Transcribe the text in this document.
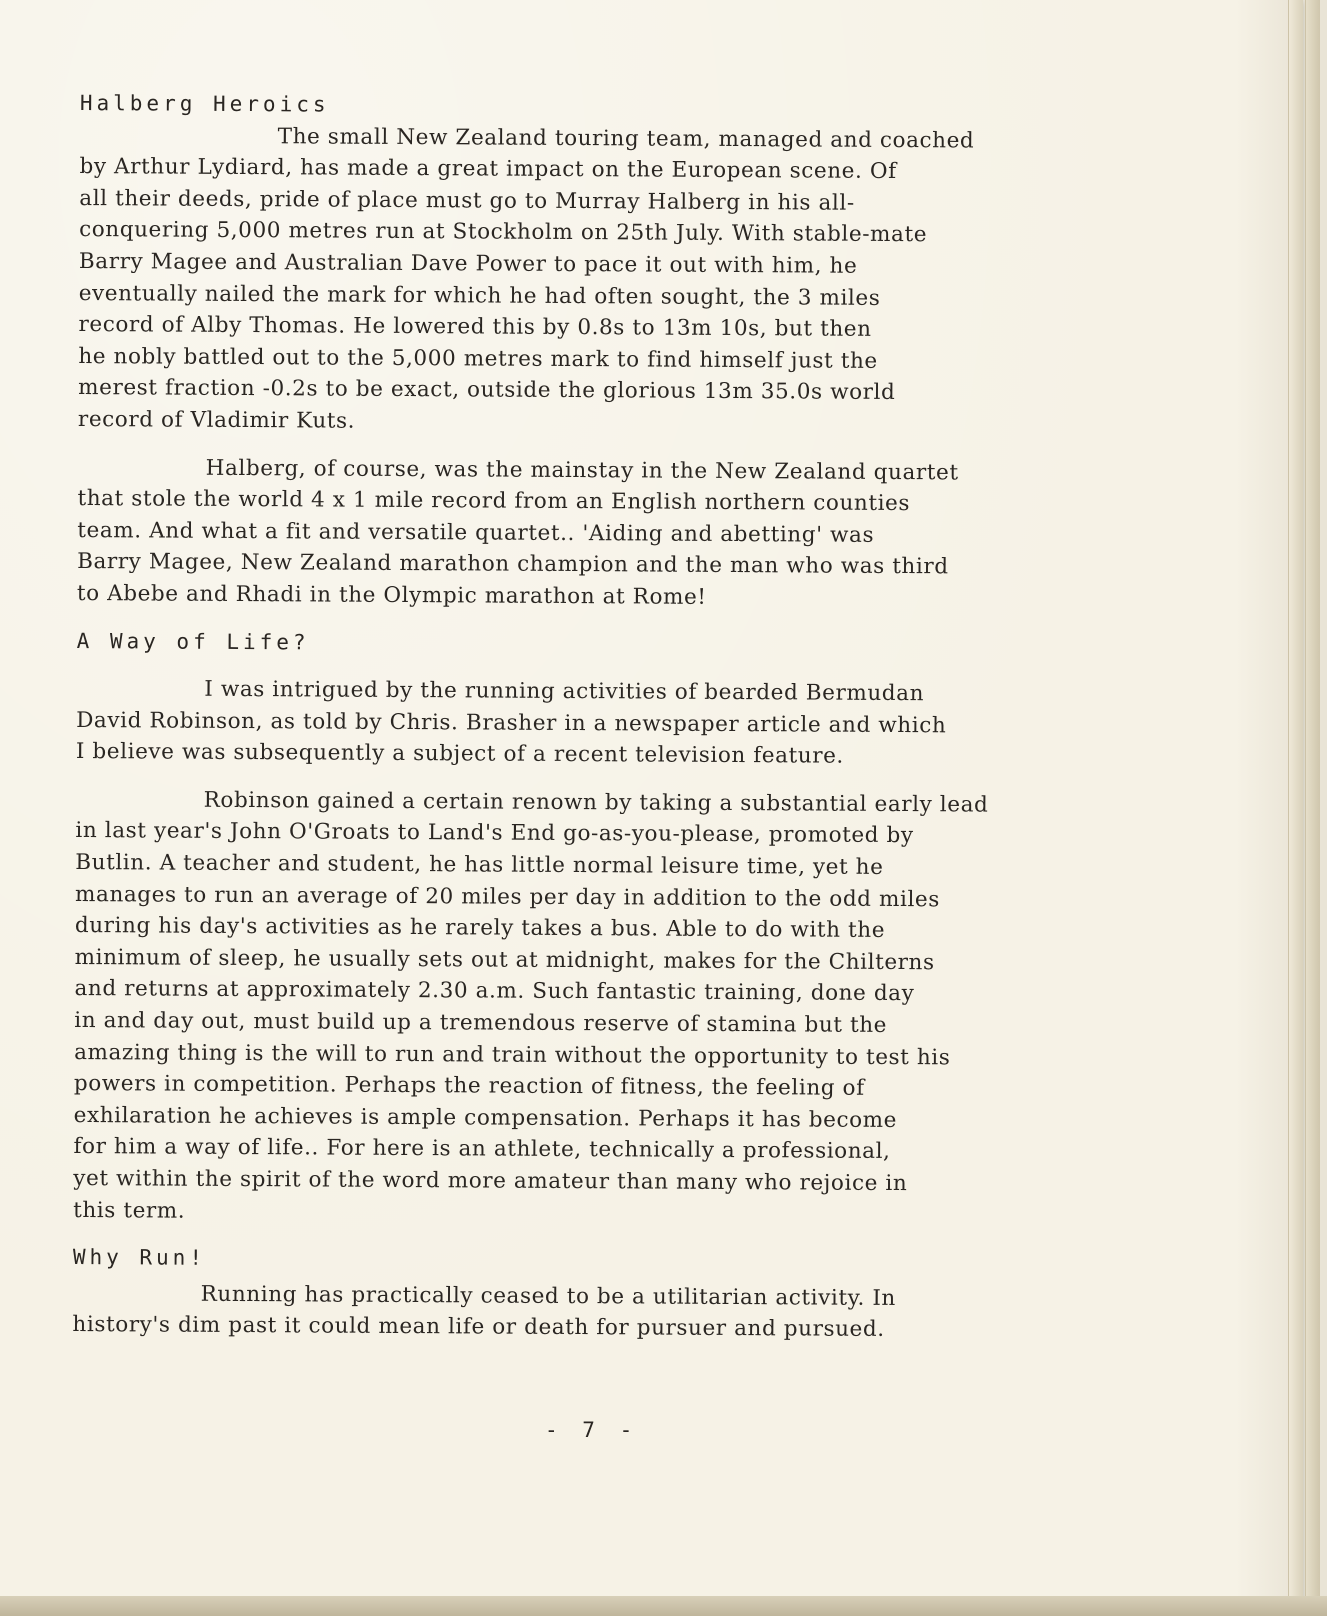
Halberg Heroics

The small New Zealand touring team, managed and coached
by Arthur Lydiard, has made a great impact on the European scene. Of
all their deeds, pride of place must go to Murray Halberg in his all-
conquering 5,000 metres run at Stockholm on 25th July. With stable-mate
Barry Magee and Australian Dave Power to pace it out with him, he
eventually nailed the mark for which he had often sought, the 3 miles
record of Alby Thomas. He lowered this by 0.8s to 13m 10s, but then
he nobly battled out to the 5,000 metres mark to find himself just the
merest fraction -0.2s to be exact, outside the glorious 13m 35.0s world
record of Vladimir Kuts.

Halberg, of course, was the mainstay in the New Zealand quartet
that stole the world 4 x 1 mile record from an English northern counties
team. And what a fit and versatile quartet.. 'Aiding and abetting' was
Barry Magee, New Zealand marathon champion and the man who was third
to Abebe and Rhadi in the Olympic marathon at Rome!

A Way of Life?

I was intrigued by the running activities of bearded Bermudan
David Robinson, as told by Chris. Brasher in a newspaper article and which
I believe was subsequently a subject of a recent television feature.

Robinson gained a certain renown by taking a substantial early lead
in last year's John O'Groats to Land's End go-as-you-please, promoted by
Butlin. A teacher and student, he has little normal leisure time, yet he
manages to run an average of 20 miles per day in addition to the odd miles
during his day's activities as he rarely takes a bus. Able to do with the
minimum of sleep, he usually sets out at midnight, makes for the Chilterns
and returns at approximately 2.30 a.m. Such fantastic training, done day
in and day out, must build up a tremendous reserve of stamina but the
amazing thing is the will to run and train without the opportunity to test his
powers in competition. Perhaps the reaction of fitness, the feeling of
exhilaration he achieves is ample compensation. Perhaps it has become
for him a way of life.. For here is an athlete, technically a professional,
yet within the spirit of the word more amateur than many who rejoice in
this term.

Why Run!

Running has practically ceased to be a utilitarian activity. In
history's dim past it could mean life or death for pursuer and pursued.

- 7 -
